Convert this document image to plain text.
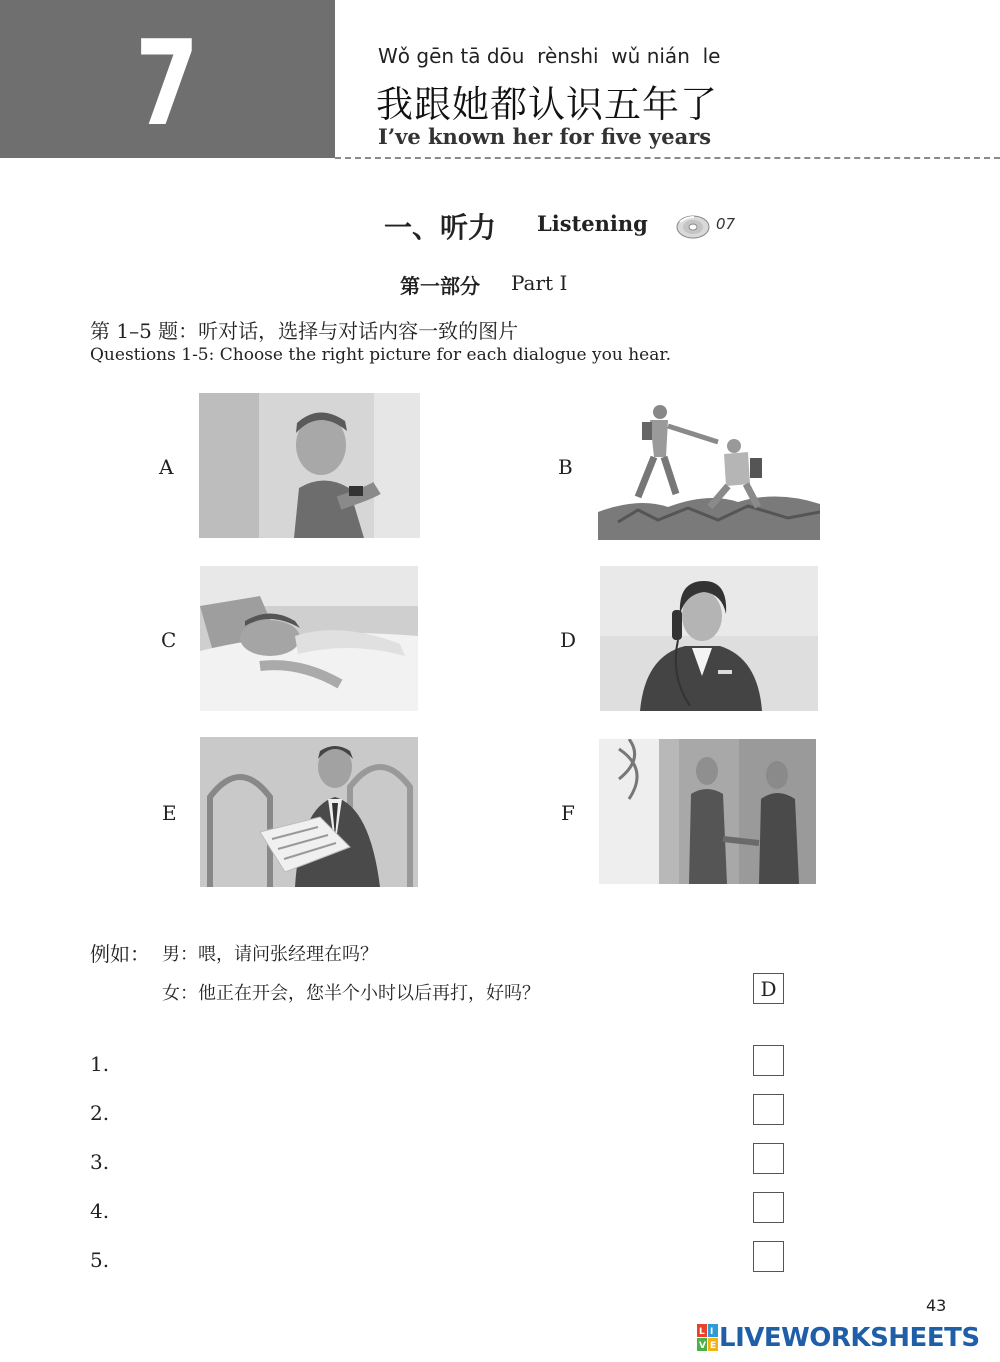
7	Wǒ gēn tā dōu  rènshi  wǔ nián  le
我跟她都认识五年了
I’ve known her for five years
一、听力 Listening	07
第一部分 Part Ⅰ
第 1–5 题：听对话，选择与对话内容一致的图片
Questions 1-5: Choose the right picture for each dialogue you hear.
A	B
C	D
E	F
例如： 男：喂，请问张经理在吗？
女：他正在开会，您半个小时以后再打，好吗？	D
1.
2.
3.
4.
5.
43
L I
V E LIVEWORKSHEETS
